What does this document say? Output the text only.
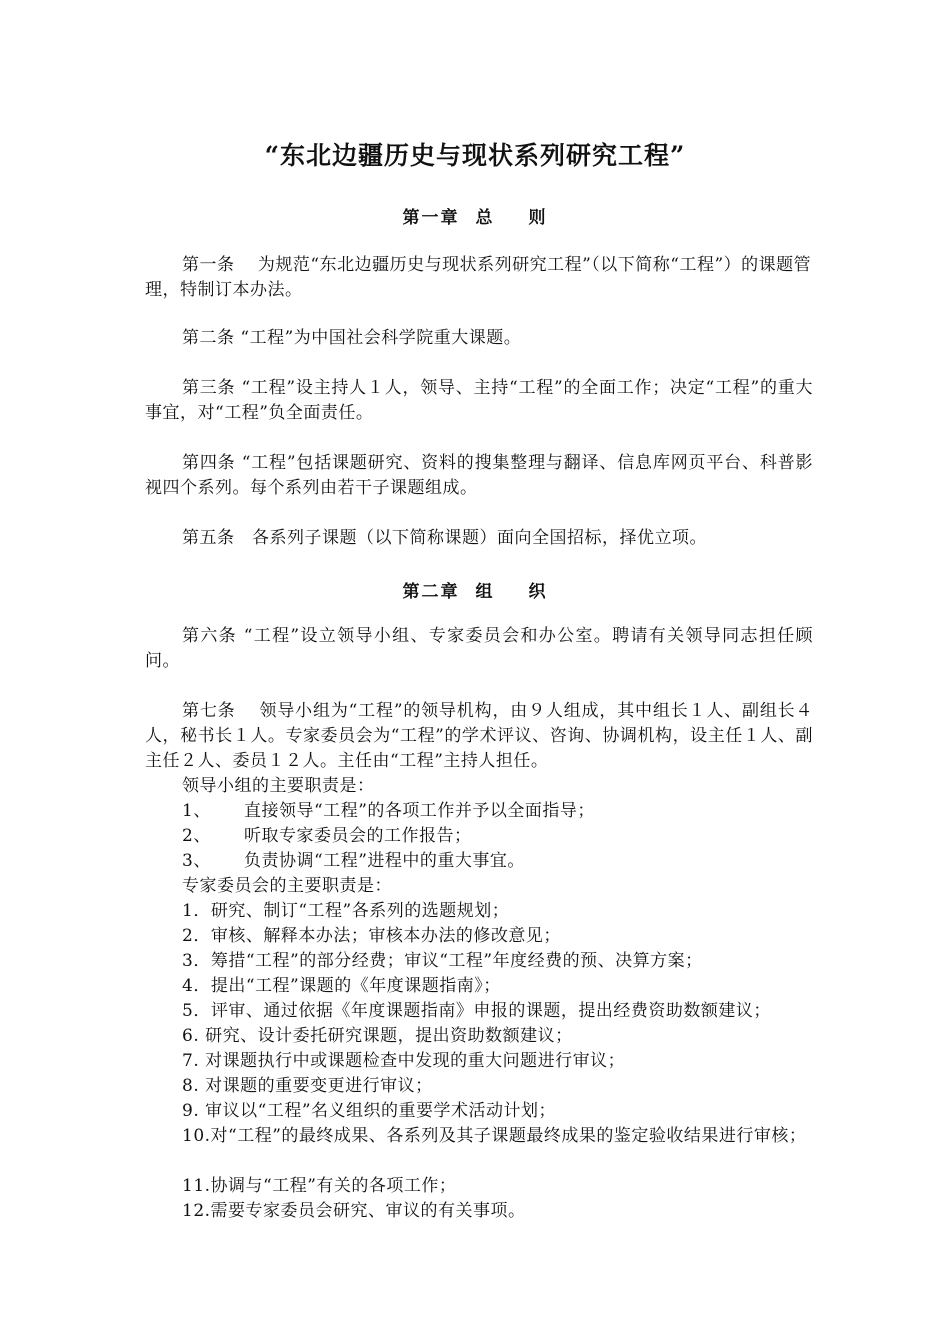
“东北边疆历史与现状系列研究工程”
第一章 总 则
第一条　 为规范“东北边疆历史与现状系列研究工程”（以下简称“工程”）的课题管理，特制订本办法。
第二条 “工程”为中国社会科学院重大课题。
第三条 “工程”设主持人１人，领导、主持“工程”的全面工作；决定“工程”的重大事宜，对“工程”负全面责任。
第四条 “工程”包括课题研究、资料的搜集整理与翻译、信息库网页平台、科普影视四个系列。每个系列由若干子课题组成。
第五条　各系列子课题（以下简称课题）面向全国招标，择优立项。
第二章 组 织
第六条 “工程”设立领导小组、专家委员会和办公室。聘请有关领导同志担任顾问。
第七条　 领导小组为“工程”的领导机构，由９人组成，其中组长１人、副组长４人，秘书长１人。专家委员会为“工程”的学术评议、咨询、协调机构，设主任１人、副主任２人、委员１２人。主任由“工程”主持人担任。
领导小组的主要职责是：
1、 直接领导“工程”的各项工作并予以全面指导；
2、 听取专家委员会的工作报告；
3、 负责协调“工程”进程中的重大事宜。
专家委员会的主要职责是：
1．研究、制订“工程”各系列的选题规划；
2．审核、解释本办法；审核本办法的修改意见；
3．筹措“工程”的部分经费；审议“工程”年度经费的预、决算方案；
4．提出“工程”课题的《年度课题指南》；
5．评审、通过依据《年度课题指南》申报的课题，提出经费资助数额建议；
6. 研究、设计委托研究课题，提出资助数额建议；
7. 对课题执行中或课题检查中发现的重大问题进行审议；
8. 对课题的重要变更进行审议；
9. 审议以“工程”名义组织的重要学术活动计划；
10.对“工程”的最终成果、各系列及其子课题最终成果的鉴定验收结果进行审核；
11.协调与“工程”有关的各项工作；
12.需要专家委员会研究、审议的有关事项。
